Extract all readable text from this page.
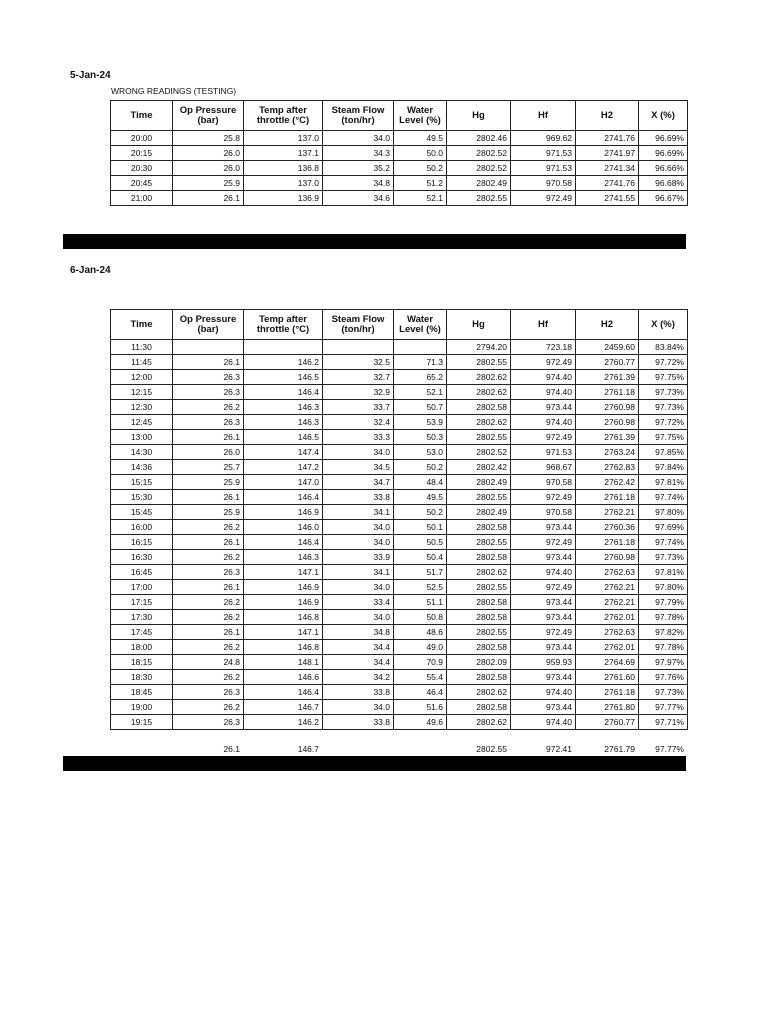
5-Jan-24
WRONG READINGS (TESTING)
Time	Op Pressure (bar)	Temp after throttle (°C)	Steam Flow (ton/hr)	Water Level (%)	Hg	Hf	H2	X (%)
20:00	25.8	137.0	34.0	49.5	2802.46	969.62	2741.76	96.69%
20:15	26.0	137.1	34.3	50.0	2802.52	971.53	2741.97	96.69%
20:30	26.0	136.8	35.2	50.2	2802.52	971.53	2741.34	96.66%
20:45	25.9	137.0	34.8	51.2	2802.49	970.58	2741.76	96.68%
21:00	26.1	136.9	34.6	52.1	2802.55	972.49	2741.55	96.67%
6-Jan-24
Time	Op Pressure (bar)	Temp after throttle (°C)	Steam Flow (ton/hr)	Water Level (%)	Hg	Hf	H2	X (%)
11:30					2794.20	723.18	2459.60	83.84%
11:45	26.1	146.2	32.5	71.3	2802.55	972.49	2760.77	97.72%
12:00	26.3	146.5	32.7	65.2	2802.62	974.40	2761.39	97.75%
12:15	26.3	146.4	32.9	52.1	2802.62	974.40	2761.18	97.73%
12:30	26.2	146.3	33.7	50.7	2802.58	973.44	2760.98	97.73%
12:45	26.3	146.3	32.4	53.9	2802.62	974.40	2760.98	97.72%
13:00	26.1	146.5	33.3	50.3	2802.55	972.49	2761.39	97.75%
14:30	26.0	147.4	34.0	53.0	2802.52	971.53	2763.24	97.85%
14:36	25.7	147.2	34.5	50.2	2802.42	968.67	2762.83	97.84%
15:15	25.9	147.0	34.7	48.4	2802.49	970.58	2762.42	97.81%
15:30	26.1	146.4	33.8	49.5	2802.55	972.49	2761.18	97.74%
15:45	25.9	146.9	34.1	50.2	2802.49	970.58	2762.21	97.80%
16:00	26.2	146.0	34.0	50.1	2802.58	973.44	2760.36	97.69%
16:15	26.1	146.4	34.0	50.5	2802.55	972.49	2761.18	97.74%
16:30	26.2	146.3	33.9	50.4	2802.58	973.44	2760.98	97.73%
16:45	26.3	147.1	34.1	51.7	2802.62	974.40	2762.63	97.81%
17:00	26.1	146.9	34.0	52.5	2802.55	972.49	2762.21	97.80%
17:15	26.2	146.9	33.4	51.1	2802.58	973.44	2762.21	97.79%
17:30	26.2	146.8	34.0	50.8	2802.58	973.44	2762.01	97.78%
17:45	26.1	147.1	34.8	48.6	2802.55	972.49	2762.63	97.82%
18:00	26.2	146.8	34.4	49.0	2802.58	973.44	2762.01	97.78%
18:15	24.8	148.1	34.4	70.9	2802.09	959.93	2764.69	97.97%
18:30	26.2	146.6	34.2	55.4	2802.58	973.44	2761.60	97.76%
18:45	26.3	146.4	33.8	46.4	2802.62	974.40	2761.18	97.73%
19:00	26.2	146.7	34.0	51.6	2802.58	973.44	2761.80	97.77%
19:15	26.3	146.2	33.8	49.6	2802.62	974.40	2760.77	97.71%
	26.1	146.7			2802.55	972.41	2761.79	97.77%
